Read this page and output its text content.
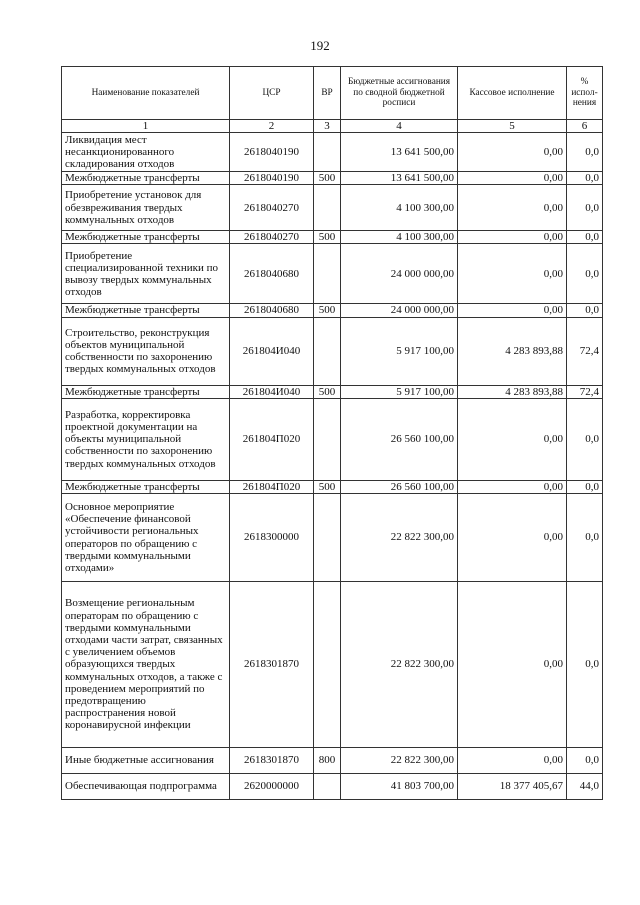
192
Наименование показателей	ЦСР	ВР	Бюджетные ассигнования по сводной бюджетной росписи	Кассовое исполнение	% испол-нения
1	2	3	4	5	6
Ликвидация мест несанкционированного складирования отходов	2618040190		13 641 500,00	0,00	0,0
Межбюджетные трансферты	2618040190	500	13 641 500,00	0,00	0,0
Приобретение установок для обезвреживания твердых коммунальных отходов	2618040270		4 100 300,00	0,00	0,0
Межбюджетные трансферты	2618040270	500	4 100 300,00	0,00	0,0
Приобретение специализированной техники по вывозу твердых коммунальных отходов	2618040680		24 000 000,00	0,00	0,0
Межбюджетные трансферты	2618040680	500	24 000 000,00	0,00	0,0
Строительство, реконструкция объектов муниципальной собственности по захоронению твердых коммунальных отходов	261804И040		5 917 100,00	4 283 893,88	72,4
Межбюджетные трансферты	261804И040	500	5 917 100,00	4 283 893,88	72,4
Разработка, корректировка проектной документации на объекты муниципальной собственности по захоронению твердых коммунальных отходов	261804П020		26 560 100,00	0,00	0,0
Межбюджетные трансферты	261804П020	500	26 560 100,00	0,00	0,0
Основное мероприятие «Обеспечение финансовой устойчивости региональных операторов по обращению с твердыми коммунальными отходами»	2618300000		22 822 300,00	0,00	0,0
Возмещение региональным операторам по обращению с твердыми коммунальными отходами части затрат, связанных с увеличением объемов образующихся твердых коммунальных отходов, а также с проведением мероприятий по предотвращению распространения новой коронавирусной инфекции	2618301870		22 822 300,00	0,00	0,0
Иные бюджетные ассигнования	2618301870	800	22 822 300,00	0,00	0,0
Обеспечивающая подпрограмма	2620000000		41 803 700,00	18 377 405,67	44,0
